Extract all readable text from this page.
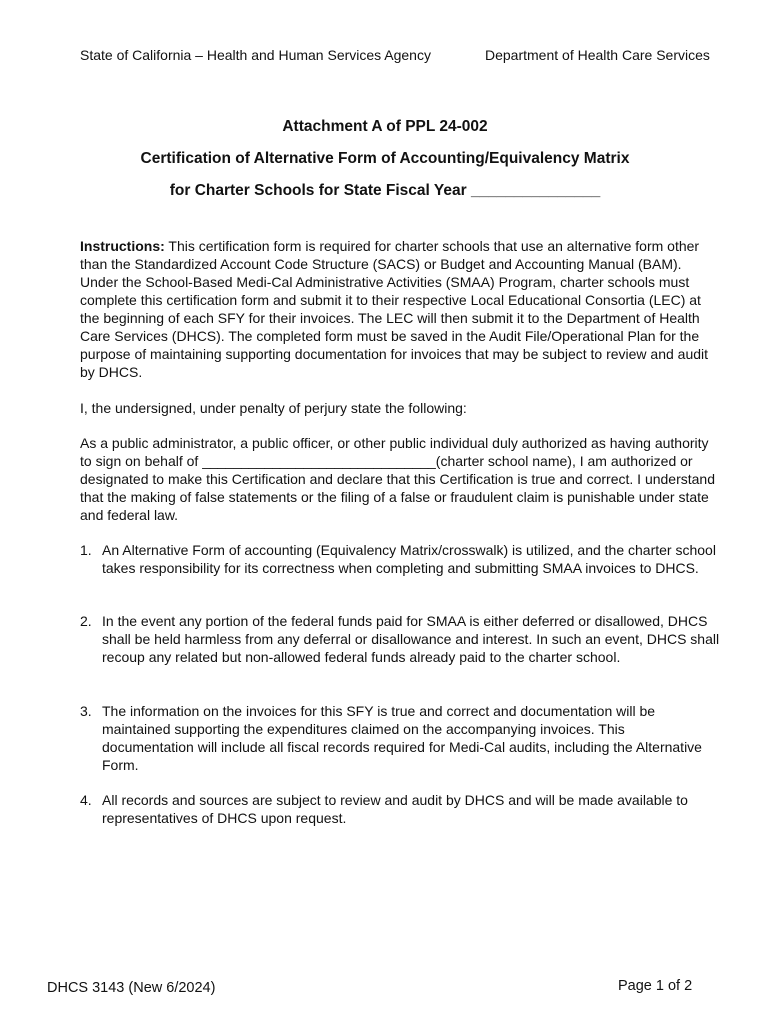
State of California – Health and Human Services Agency	Department of Health Care Services
Attachment A of PPL 24-002
Certification of Alternative Form of Accounting/Equivalency Matrix
for Charter Schools for State Fiscal Year _______________
Instructions: This certification form is required for charter schools that use an alternative form other than the Standardized Account Code Structure (SACS) or Budget and Accounting Manual (BAM). Under the School-Based Medi-Cal Administrative Activities (SMAA) Program, charter schools must complete this certification form and submit it to their respective Local Educational Consortia (LEC) at the beginning of each SFY for their invoices. The LEC will then submit it to the Department of Health Care Services (DHCS). The completed form must be saved in the Audit File/Operational Plan for the purpose of maintaining supporting documentation for invoices that may be subject to review and audit by DHCS.
I, the undersigned, under penalty of perjury state the following:
As a public administrator, a public officer, or other public individual duly authorized as having authority to sign on behalf of ______________________________(charter school name), I am authorized or designated to make this Certification and declare that this Certification is true and correct. I understand that the making of false statements or the filing of a false or fraudulent claim is punishable under state and federal law.
1. An Alternative Form of accounting (Equivalency Matrix/crosswalk) is utilized, and the charter school takes responsibility for its correctness when completing and submitting SMAA invoices to DHCS.
2. In the event any portion of the federal funds paid for SMAA is either deferred or disallowed, DHCS shall be held harmless from any deferral or disallowance and interest. In such an event, DHCS shall recoup any related but non-allowed federal funds already paid to the charter school.
3. The information on the invoices for this SFY is true and correct and documentation will be maintained supporting the expenditures claimed on the accompanying invoices. This documentation will include all fiscal records required for Medi-Cal audits, including the Alternative Form.
4. All records and sources are subject to review and audit by DHCS and will be made available to representatives of DHCS upon request.
DHCS 3143 (New 6/2024)	Page 1 of 2
